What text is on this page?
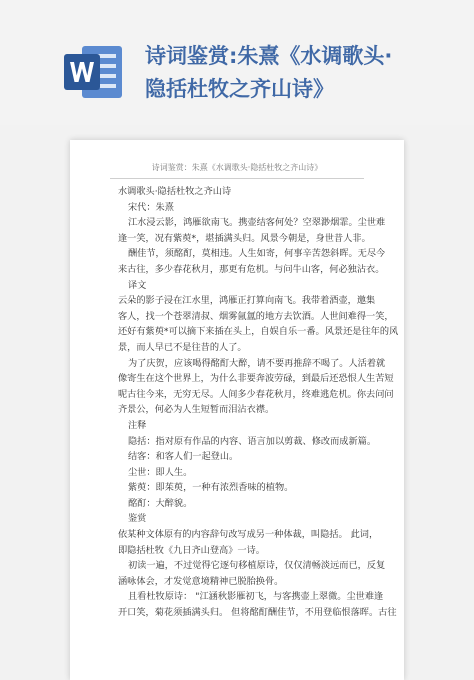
诗词鉴赏:朱熹《水调歌头·
隐括杜牧之齐山诗》
诗词鉴赏：朱熹《水调歌头·隐括杜牧之齐山诗》
水调歌头·隐括杜牧之齐山诗
宋代：朱熹
江水浸云影，鸿雁欲南飞。携壶结客何处？空翠渺烟霏。尘世难
逢一笑，况有紫萸*，堪插满头归。风景今朝是，身世昔人非。
酬佳节，须酩酊，莫相违。人生如寄，何事辛苦怨斜晖。无尽今
来古往，多少春花秋月，那更有危机。与问牛山客，何必独沾衣。
译文
云朵的影子浸在江水里，鸿雁正打算向南飞。我带着酒壶，邀集
客人，找一个苍翠清叔、烟雾氤氲的地方去饮酒。人世间难得一笑，
还好有紫萸*可以摘下来插在头上，自娱自乐一番。风景还是往年的风
景，而人早已不是往昔的人了。
为了庆贺，应该喝得酩酊大醉，请不要再推辞不喝了。人活着就
像寄生在这个世界上，为什么非要奔波劳碌，到最后还恐恨人生苦短
呢古往今来，无穷无尽。人间多少春花秋月，终难逃危机。你去问问
齐景公，何必为人生短暂而泪沾衣襟。
注释
隐括：指对原有作品的内容、语言加以剪裁、修改而成新篇。
结客：和客人们一起登山。
尘世：即人生。
紫萸：即茱萸，一种有浓烈香味的植物。
酩酊：大醉貌。
鉴赏
依某种文体原有的内容辞句改写成另一种体裁，叫隐括。 此词，
即隐括杜牧《九日齐山登高》一诗。
初读一遍，不过觉得它逐句移植原诗，仅仅清畅淡远而已，反复
涵咏体会，才发觉意境精神已脱胎换骨。
且看杜牧原诗： "江涵秋影雁初飞，与客携壶上翠微。尘世难逢
开口笑，菊花须插满头归。 但将酩酊酬佳节，不用登临恨落晖。古往
